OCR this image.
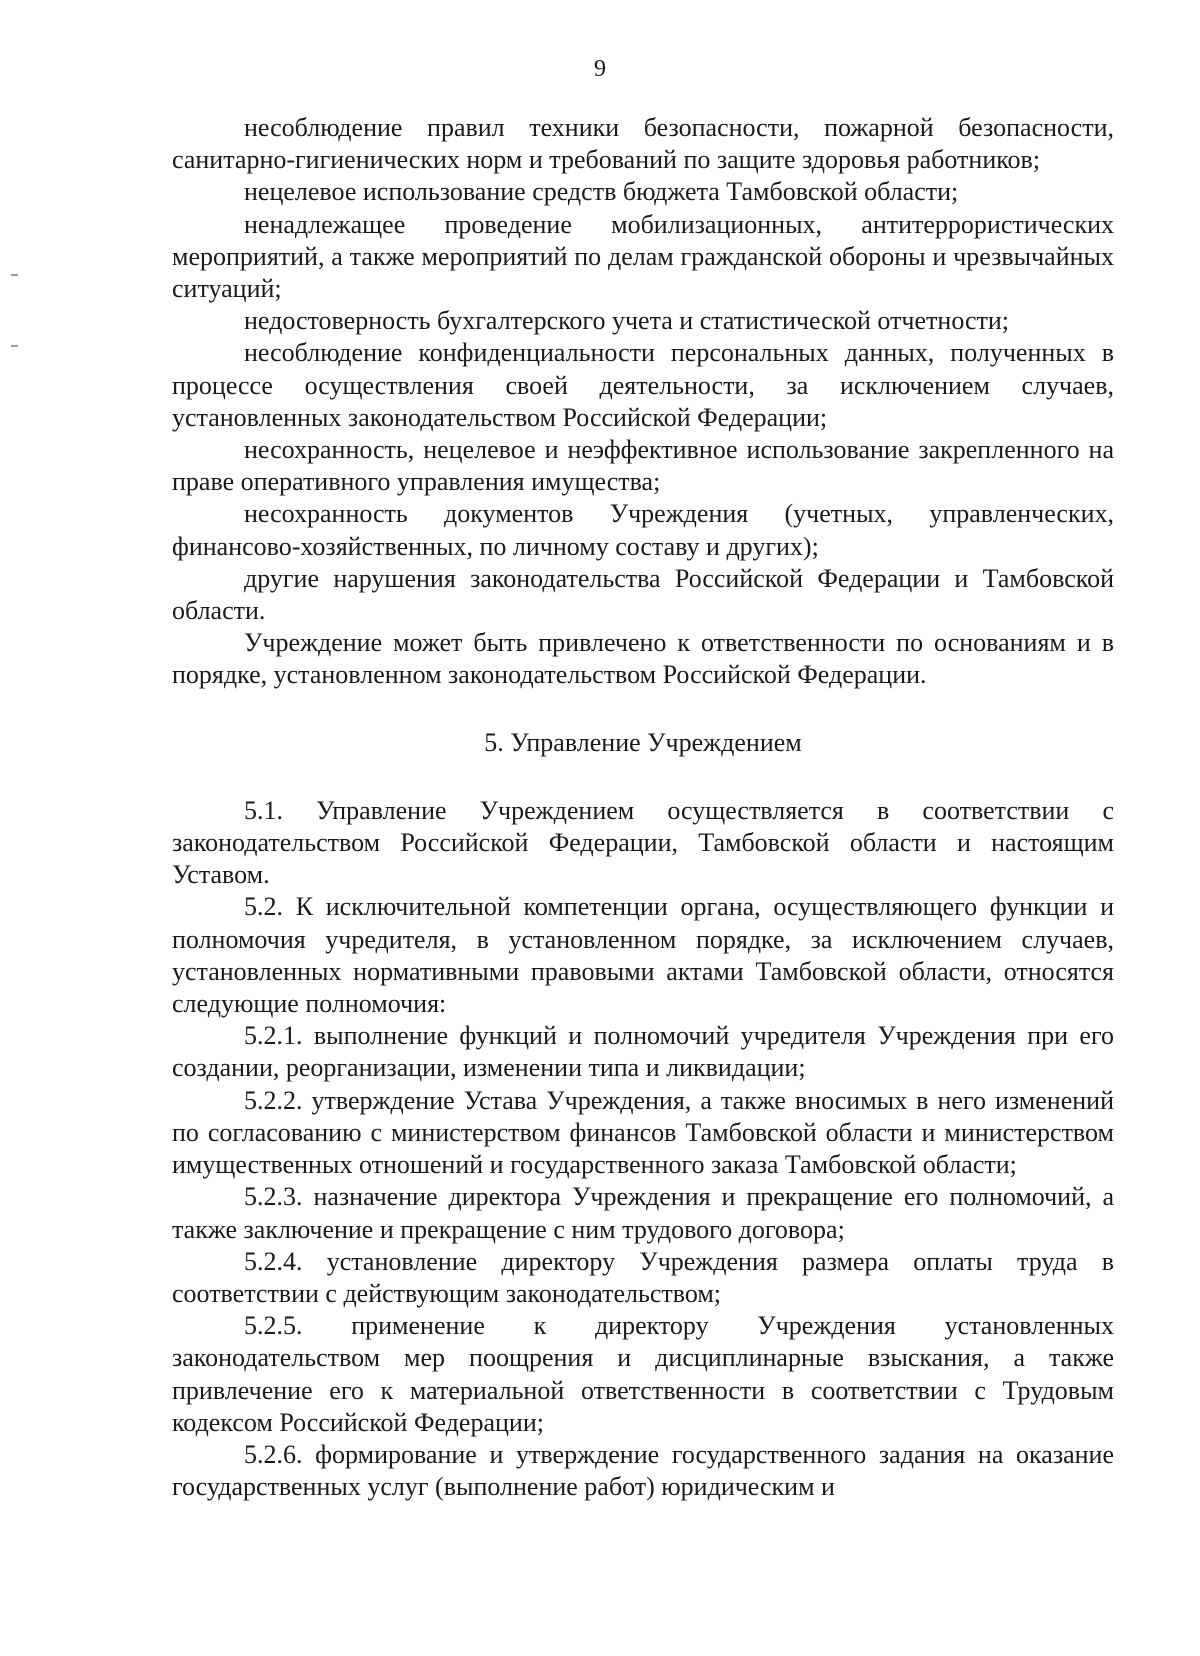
9

несоблюдение правил техники безопасности, пожарной безопасности, санитарно-гигиенических норм и требований по защите здоровья работников;

нецелевое использование средств бюджета Тамбовской области;

ненадлежащее проведение мобилизационных, антитеррористических мероприятий, а также мероприятий по делам гражданской обороны и чрезвычайных ситуаций;

недостоверность бухгалтерского учета и статистической отчетности;

несоблюдение конфиденциальности персональных данных, полученных в процессе осуществления своей деятельности, за исключением случаев, установленных законодательством Российской Федерации;

несохранность, нецелевое и неэффективное использование закрепленного на праве оперативного управления имущества;

несохранность документов Учреждения (учетных, управленческих, финансово-хозяйственных, по личному составу и других);

другие нарушения законодательства Российской Федерации и Тамбовской области.

Учреждение может быть привлечено к ответственности по основаниям и в порядке, установленном законодательством Российской Федерации.

5. Управление Учреждением

5.1. Управление Учреждением осуществляется в соответствии с законодательством Российской Федерации, Тамбовской области и настоящим Уставом.

5.2. К исключительной компетенции органа, осуществляющего функции и полномочия учредителя, в установленном порядке, за исключением случаев, установленных нормативными правовыми актами Тамбовской области, относятся следующие полномочия:

5.2.1. выполнение функций и полномочий учредителя Учреждения при его создании, реорганизации, изменении типа и ликвидации;

5.2.2. утверждение Устава Учреждения, а также вносимых в него изменений по согласованию с министерством финансов Тамбовской области и министерством имущественных отношений и государственного заказа Тамбовской области;

5.2.3. назначение директора Учреждения и прекращение его полномочий, а также заключение и прекращение с ним трудового договора;

5.2.4. установление директору Учреждения размера оплаты труда в соответствии с действующим законодательством;

5.2.5. применение к директору Учреждения установленных законодательством мер поощрения и дисциплинарные взыскания, а также привлечение его к материальной ответственности в соответствии с Трудовым кодексом Российской Федерации;

5.2.6. формирование и утверждение государственного задания на оказание государственных услуг (выполнение работ) юридическим и
